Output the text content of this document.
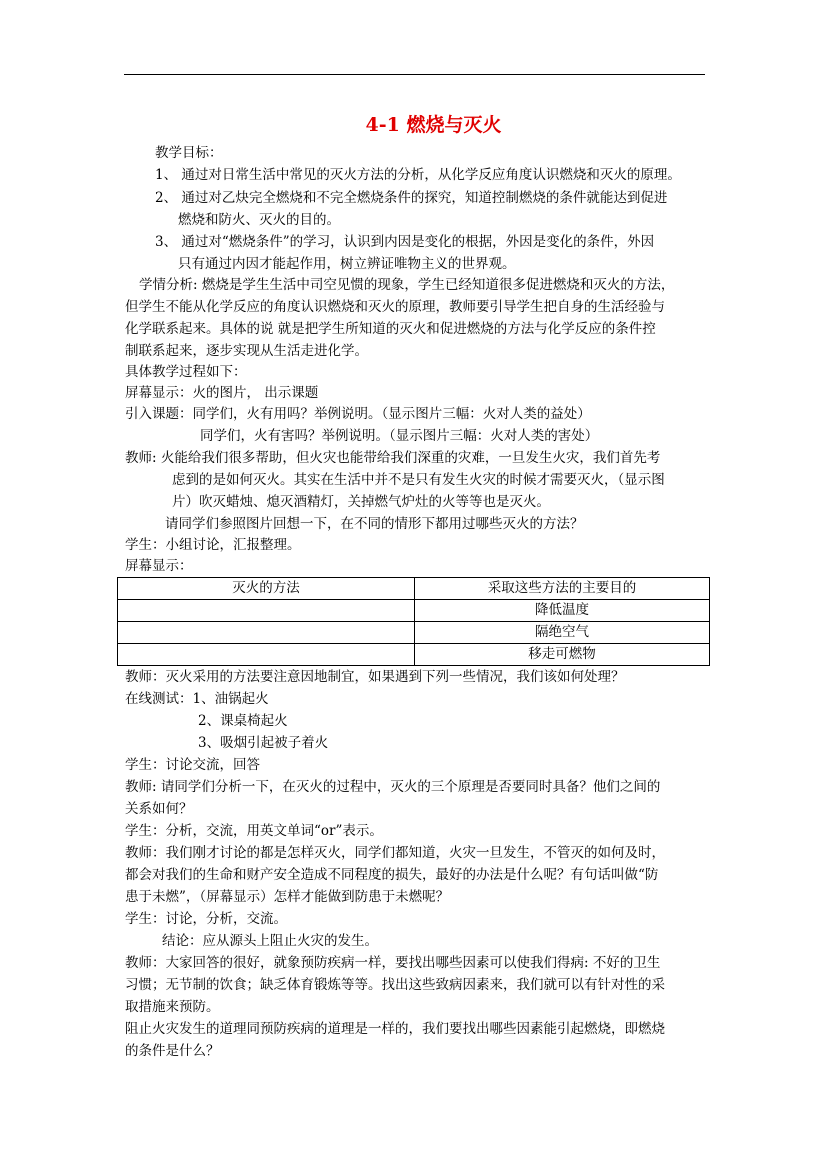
4-1 燃烧与灭火
教学目标：
1、 通过对日常生活中常见的灭火方法的分析，从化学反应角度认识燃烧和灭火的原理。
2、 通过对乙炔完全燃烧和不完全燃烧条件的探究，知道控制燃烧的条件就能达到促进
燃烧和防火、灭火的目的。
3、 通过对“燃烧条件”的学习，认识到内因是变化的根据，外因是变化的条件，外因
只有通过内因才能起作用，树立辨证唯物主义的世界观。
学情分析: 燃烧是学生生活中司空见惯的现象，学生已经知道很多促进燃烧和灭火的方法，
但学生不能从化学反应的角度认识燃烧和灭火的原理，教师要引导学生把自身的生活经验与
化学联系起来。具体的说 就是把学生所知道的灭火和促进燃烧的方法与化学反应的条件控
制联系起来，逐步实现从生活走进化学。
具体教学过程如下：
屏幕显示：火的图片， 出示课题
引入课题：同学们，火有用吗？举例说明。（显示图片三幅：火对人类的益处）
同学们，火有害吗？举例说明。（显示图片三幅：火对人类的害处）
教师: 火能给我们很多帮助，但火灾也能带给我们深重的灾难，一旦发生火灾，我们首先考
虑到的是如何灭火。其实在生活中并不是只有发生火灾的时候才需要灭火，（显示图
片）吹灭蜡烛、熄灭酒精灯，关掉燃气炉灶的火等等也是灭火。
请同学们参照图片回想一下，在不同的情形下都用过哪些灭火的方法？
学生：小组讨论，汇报整理。
屏幕显示：
灭火的方法	采取这些方法的主要目的
	降低温度
	隔绝空气
	移走可燃物
教师：灭火采用的方法要注意因地制宜，如果遇到下列一些情况，我们该如何处理？
在线测试：1、油锅起火
2、课桌椅起火
3、吸烟引起被子着火
学生：讨论交流，回答
教师: 请同学们分析一下，在灭火的过程中，灭火的三个原理是否要同时具备？他们之间的
关系如何？
学生：分析，交流，用英文单词“or”表示。
教师：我们刚才讨论的都是怎样灭火，同学们都知道，火灾一旦发生，不管灭的如何及时，
都会对我们的生命和财产安全造成不同程度的损失，最好的办法是什么呢？有句话叫做“防
患于未燃”，（屏幕显示）怎样才能做到防患于未燃呢？
学生：讨论，分析，交流。
结论：应从源头上阻止火灾的发生。
教师：大家回答的很好，就象预防疾病一样，要找出哪些因素可以使我们得病: 不好的卫生
习惯；无节制的饮食；缺乏体育锻炼等等。找出这些致病因素来，我们就可以有针对性的采
取措施来预防。
阻止火灾发生的道理同预防疾病的道理是一样的，我们要找出哪些因素能引起燃烧，即燃烧
的条件是什么？
